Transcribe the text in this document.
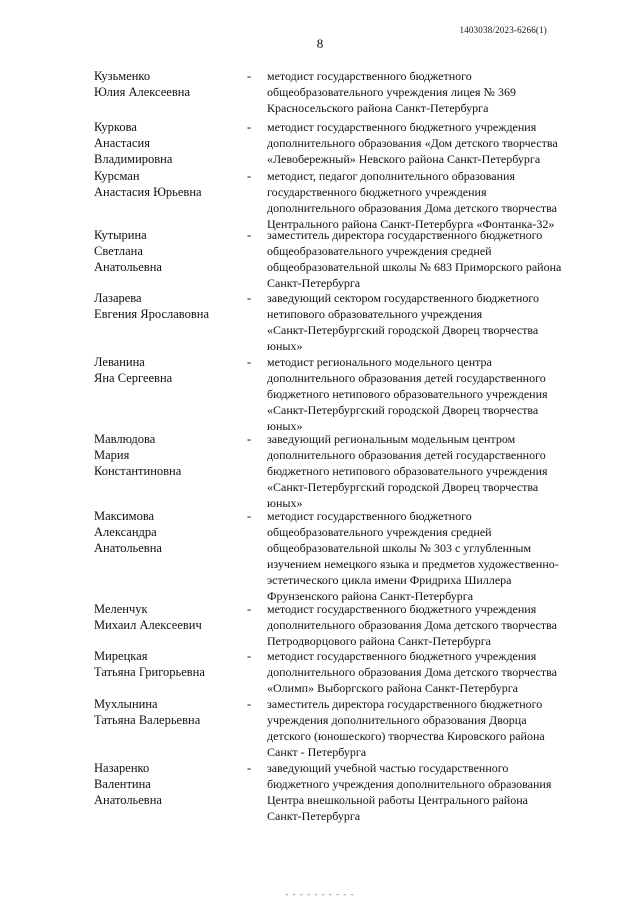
1403038/2023-6266(1)
8
Кузьменко
Юлия Алексеевна
- методист государственного бюджетного
общеобразовательного учреждения лицея № 369
Красносельского района Санкт-Петербурга
Куркова
Анастасия
Владимировна
- методист государственного бюджетного учреждения
дополнительного образования «Дом детского творчества
«Левобережный» Невского района Санкт-Петербурга
Курсман
Анастасия Юрьевна
- методист, педагог дополнительного образования
государственного бюджетного учреждения
дополнительного образования Дома детского творчества
Центрального района Санкт-Петербурга «Фонтанка-32»
Кутырина
Светлана
Анатольевна
- заместитель директора государственного бюджетного
общеобразовательного учреждения средней
общеобразовательной школы № 683 Приморского района
Санкт-Петербурга
Лазарева
Евгения Ярославовна
- заведующий сектором государственного бюджетного
нетипового образовательного учреждения
«Санкт-Петербургский городской Дворец творчества
юных»
Леванина
Яна Сергеевна
- методист регионального модельного центра
дополнительного образования детей государственного
бюджетного нетипового образовательного учреждения
«Санкт-Петербургский городской Дворец творчества
юных»
Мавлюдова
Мария
Константиновна
- заведующий региональным модельным центром
дополнительного образования детей государственного
бюджетного нетипового образовательного учреждения
«Санкт-Петербургский городской Дворец творчества
юных»
Максимова
Александра
Анатольевна
- методист государственного бюджетного
общеобразовательного учреждения средней
общеобразовательной школы № 303 с углубленным
изучением немецкого языка и предметов художественно-
эстетического цикла имени Фридриха Шиллера
Фрунзенского района Санкт-Петербурга
Меленчук
Михаил Алексеевич
- методист государственного бюджетного учреждения
дополнительного образования Дома детского творчества
Петродворцового района Санкт-Петербурга
Мирецкая
Татьяна Григорьевна
- методист государственного бюджетного учреждения
дополнительного образования Дома детского творчества
«Олимп» Выборгского района Санкт-Петербурга
Мухлынина
Татьяна Валерьевна
- заместитель директора государственного бюджетного
учреждения дополнительного образования Дворца
детского (юношеского) творчества Кировского района
Санкт - Петербурга
Назаренко
Валентина
Анатольевна
- заведующий учебной частью государственного
бюджетного учреждения дополнительного образования
Центра внешкольной работы Центрального района
Санкт-Петербурга
- - - - - - - - - -
